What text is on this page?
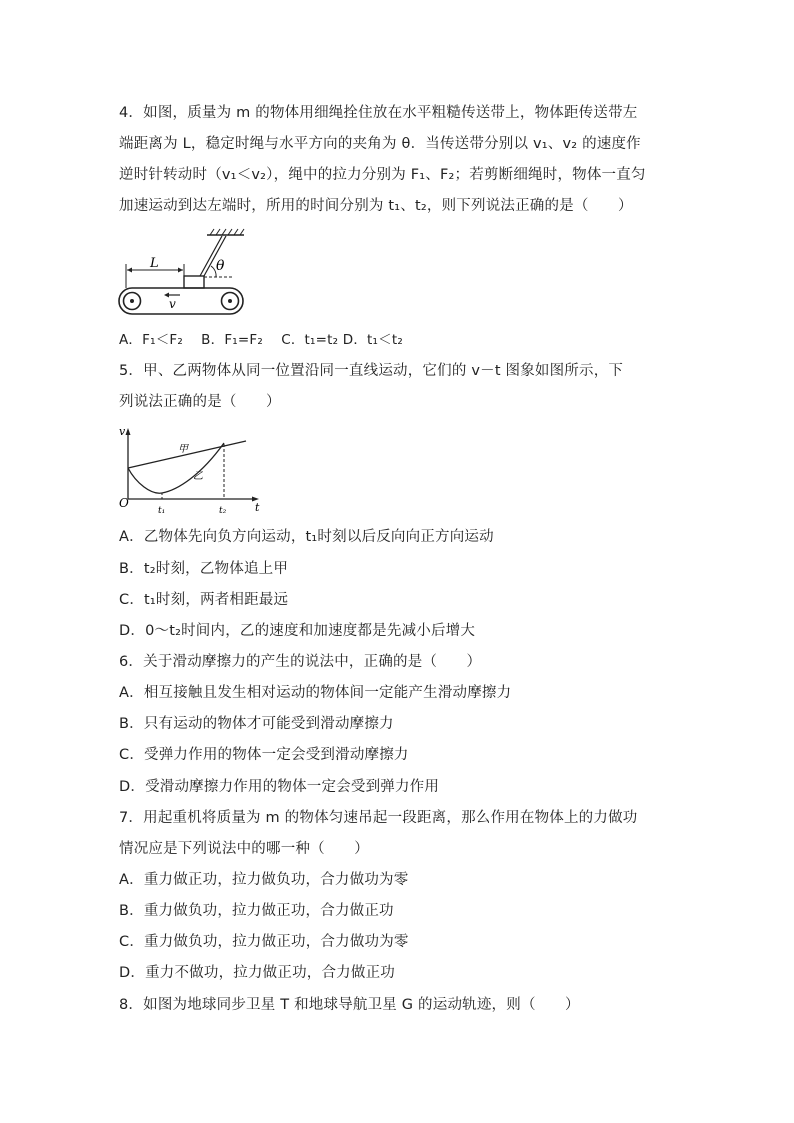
4．如图，质量为 m 的物体用细绳拴住放在水平粗糙传送带上，物体距传送带左
端距离为 L，稳定时绳与水平方向的夹角为 θ．当传送带分别以 v₁、v₂ 的速度作
逆时针转动时（v₁＜v₂），绳中的拉力分别为 F₁、F₂；若剪断细绳时，物体一直匀
加速运动到达左端时，所用的时间分别为 t₁、t₂，则下列说法正确的是（　　）
θ
L
v
A．F₁＜F₂　 B．F₁=F₂　 C．t₁=t₂ D．t₁＜t₂
5．甲、乙两物体从同一位置沿同一直线运动，它们的 v－t 图象如图所示，下
列说法正确的是（　　）
v
t
O
t₁	t₂
甲
乙
A．乙物体先向负方向运动，t₁时刻以后反向向正方向运动
B．t₂时刻，乙物体追上甲
C．t₁时刻，两者相距最远
D．0～t₂时间内，乙的速度和加速度都是先减小后增大
6．关于滑动摩擦力的产生的说法中，正确的是（　　）
A．相互接触且发生相对运动的物体间一定能产生滑动摩擦力
B．只有运动的物体才可能受到滑动摩擦力
C．受弹力作用的物体一定会受到滑动摩擦力
D．受滑动摩擦力作用的物体一定会受到弹力作用
7．用起重机将质量为 m 的物体匀速吊起一段距离，那么作用在物体上的力做功
情况应是下列说法中的哪一种（　　）
A．重力做正功，拉力做负功，合力做功为零
B．重力做负功，拉力做正功，合力做正功
C．重力做负功，拉力做正功，合力做功为零
D．重力不做功，拉力做正功，合力做正功
8．如图为地球同步卫星 T 和地球导航卫星 G 的运动轨迹，则（　　）
